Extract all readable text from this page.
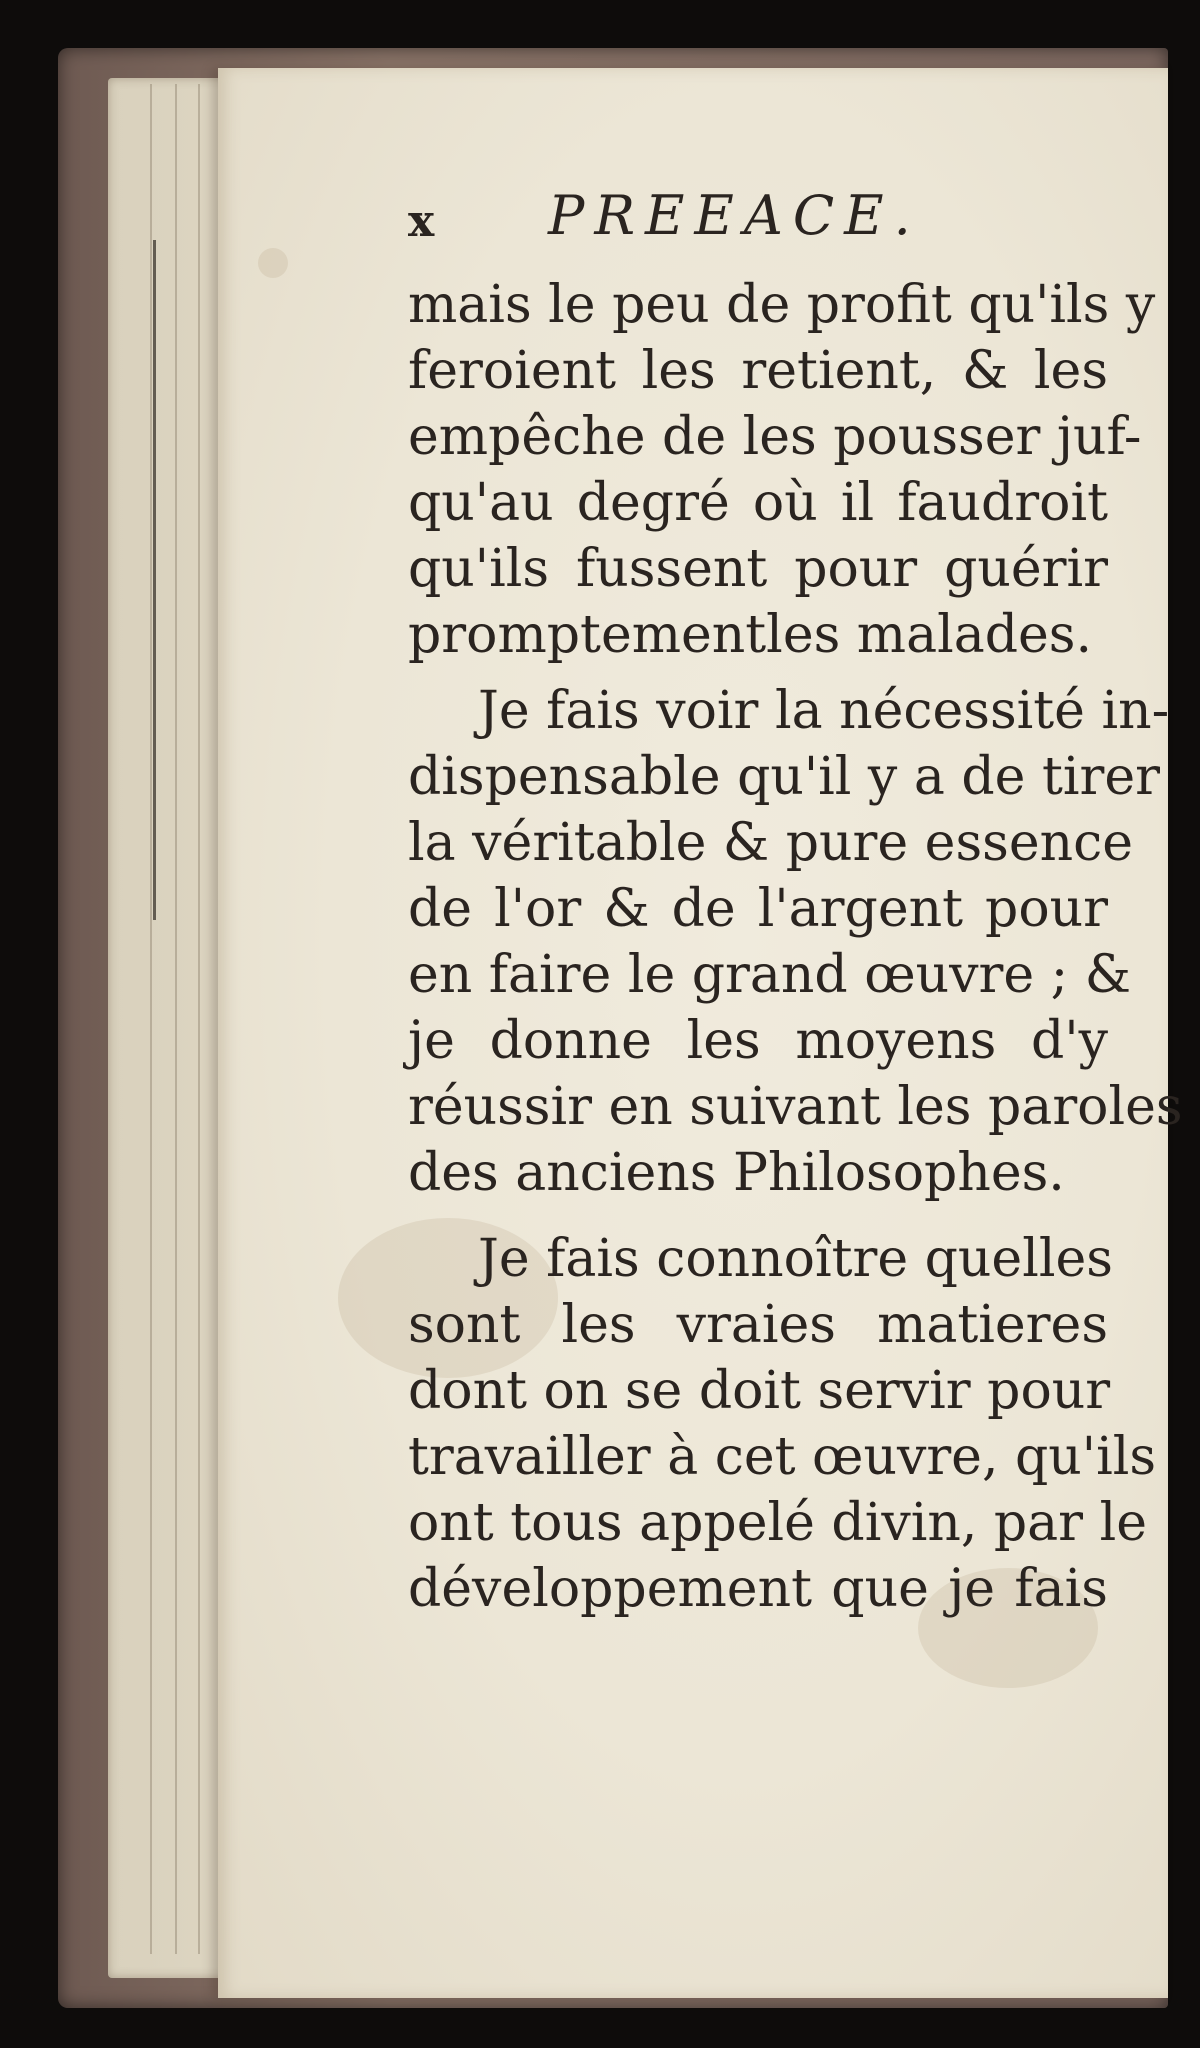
x PREEACE.
mais le peu de profit qu'ils y
feroient les retient, & les
empêche de les pousser juf-
qu'au degré où il faudroit
qu'ils fussent pour guérir
promptementles malades.
Je fais voir la nécessité in-
dispensable qu'il y a de tirer
la véritable & pure essence
de l'or & de l'argent pour
en faire le grand œuvre ; &
je donne les moyens d'y
réussir en suivant les paroles
des anciens Philosophes.
Je fais connoître quelles
sont les vraies matieres
dont on se doit servir pour
travailler à cet œuvre, qu'ils
ont tous appelé divin, par le
développement que je fais
